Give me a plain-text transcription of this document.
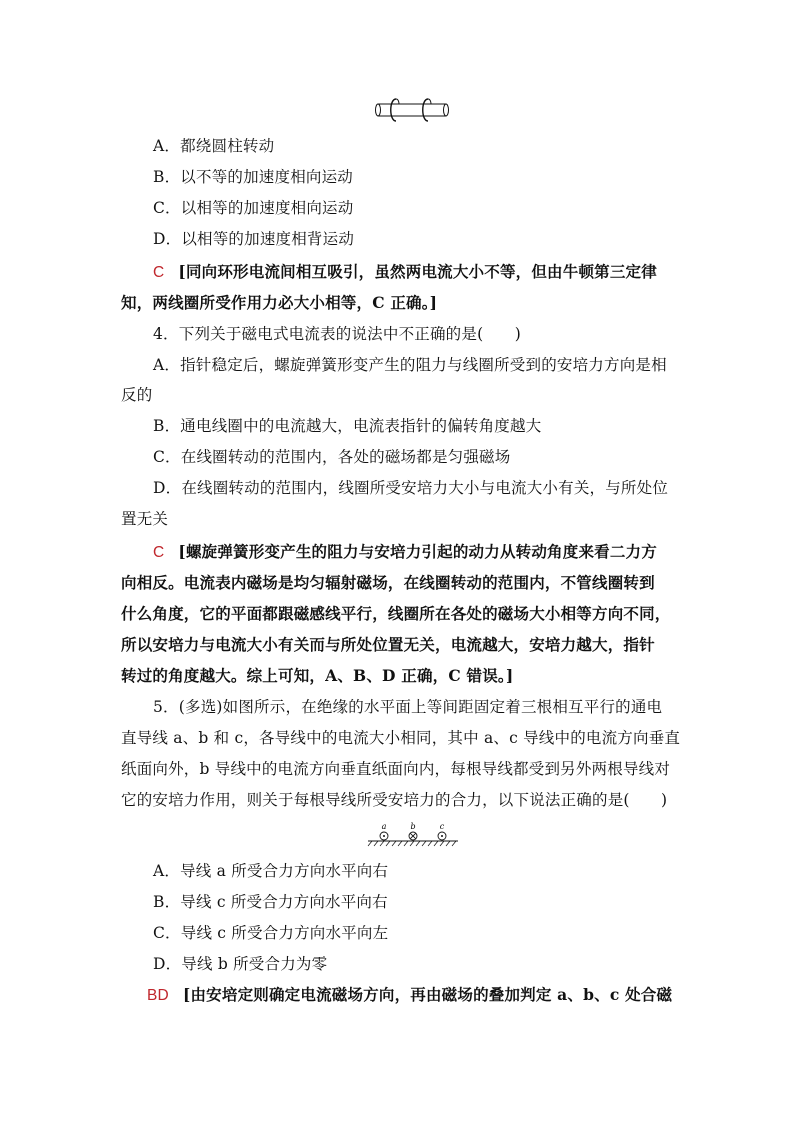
A．都绕圆柱转动
B．以不等的加速度相向运动
C．以相等的加速度相向运动
D．以相等的加速度相背运动
C [同向环形电流间相互吸引，虽然两电流大小不等，但由牛顿第三定律
知，两线圈所受作用力必大小相等，C 正确。]
4．下列关于磁电式电流表的说法中不正确的是(　　)
A．指针稳定后，螺旋弹簧形变产生的阻力与线圈所受到的安培力方向是相
反的
B．通电线圈中的电流越大，电流表指针的偏转角度越大
C．在线圈转动的范围内，各处的磁场都是匀强磁场
D．在线圈转动的范围内，线圈所受安培力大小与电流大小有关，与所处位
置无关
C [螺旋弹簧形变产生的阻力与安培力引起的动力从转动角度来看二力方
向相反。电流表内磁场是均匀辐射磁场，在线圈转动的范围内，不管线圈转到
什么角度，它的平面都跟磁感线平行，线圈所在各处的磁场大小相等方向不同，
所以安培力与电流大小有关而与所处位置无关，电流越大，安培力越大，指针
转过的角度越大。综上可知，A、B、D 正确，C 错误。]
5．(多选)如图所示，在绝缘的水平面上等间距固定着三根相互平行的通电
直导线 a、b 和 c，各导线中的电流大小相同，其中 a、c 导线中的电流方向垂直
纸面向外，b 导线中的电流方向垂直纸面向内，每根导线都受到另外两根导线对
它的安培力作用，则关于每根导线所受安培力的合力，以下说法正确的是(　　)
a	b	c
A．导线 a 所受合力方向水平向右
B．导线 c 所受合力方向水平向右
C．导线 c 所受合力方向水平向左
D．导线 b 所受合力为零
BD [由安培定则确定电流磁场方向，再由磁场的叠加判定 a、b、c 处合磁
